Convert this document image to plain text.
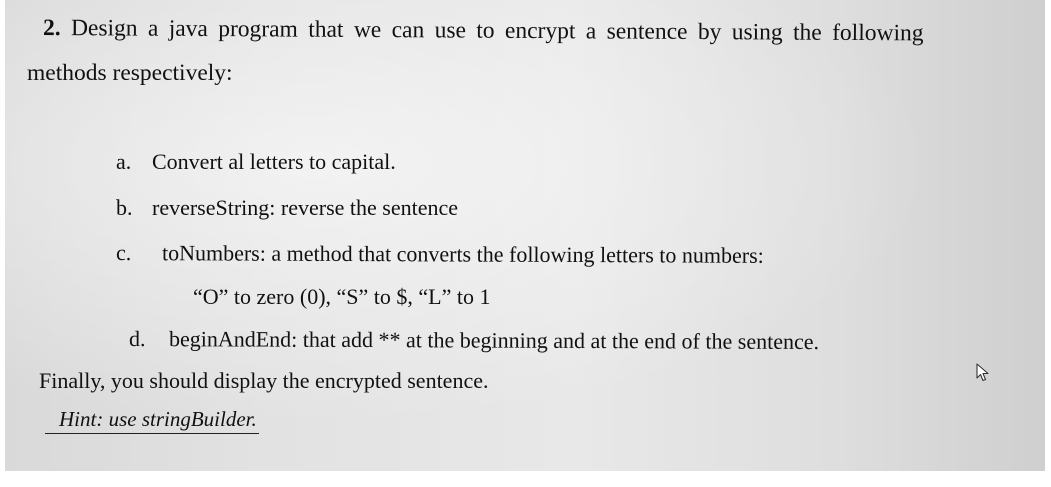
2. Design a java program that we can use to encrypt a sentence by using the following
methods respectively:
a. Convert al letters to capital.
b. reverseString: reverse the sentence
c. toNumbers: a method that converts the following letters to numbers:
“O” to zero (0), “S” to $, “L” to 1
d. beginAndEnd: that add ** at the beginning and at the end of the sentence.
Finally, you should display the encrypted sentence.
Hint: use stringBuilder.
